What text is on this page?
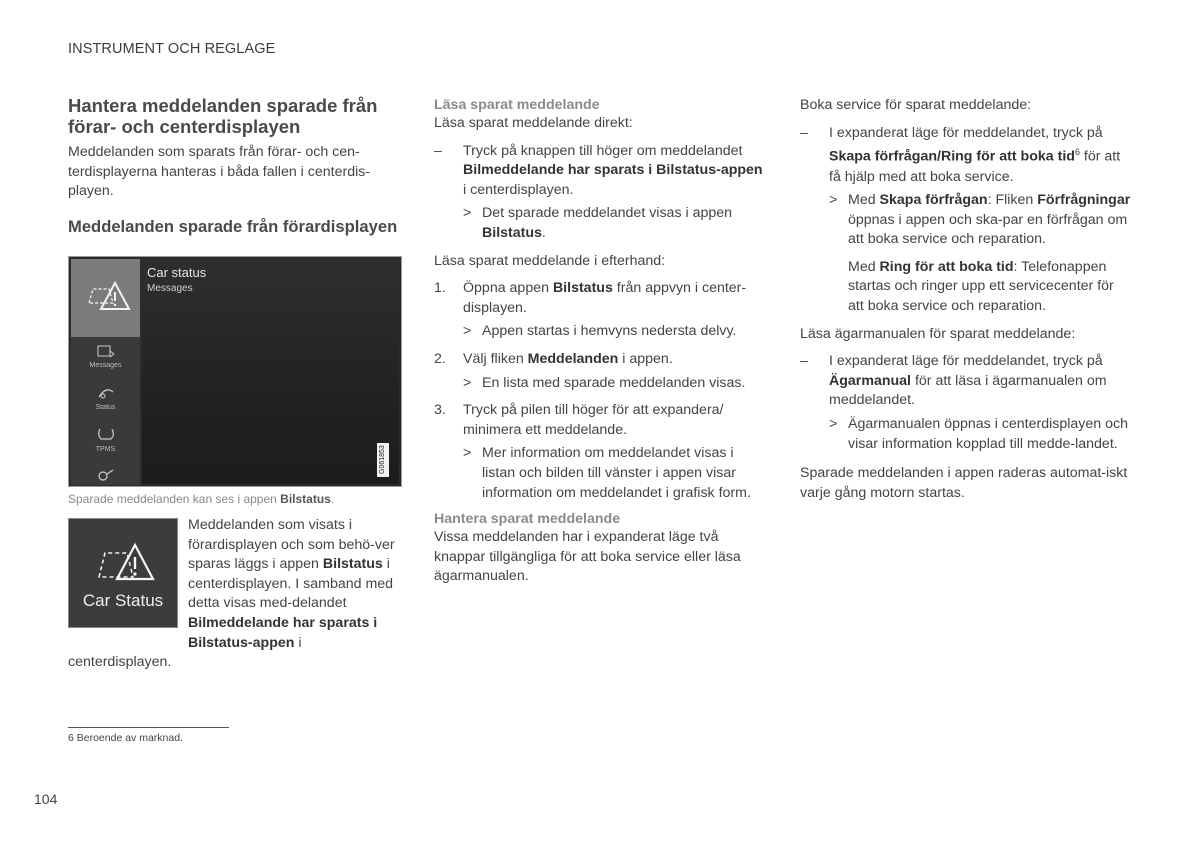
INSTRUMENT OCH REGLAGE
Hantera meddelanden sparade från förar- och centerdisplayen

Meddelanden som sparats från förar- och cen-terdisplayerna hanteras i båda fallen i centerdis-playen.

Meddelanden sparade från förardisplayen
Car status
Messages
Messages
Status
TPMS	G061853
Sparade meddelanden kan ses i appen Bilstatus.
Car Status
Meddelanden som visats i förardisplayen och som behö-ver sparas läggs i appen Bilstatus i centerdisplayen. I samband med detta visas med-delandet Bilmeddelande har sparats i Bilstatus-appen i
centerdisplayen.
Läsa sparat meddelande

Läsa sparat meddelande direkt:

– Tryck på knappen till höger om meddelandet Bilmeddelande har sparats i Bilstatus-appen i centerdisplayen.
> Det sparade meddelandet visas i appen Bilstatus.

Läsa sparat meddelande i efterhand:

1. Öppna appen Bilstatus från appvyn i center-displayen.
> Appen startas i hemvyns nedersta delvy.
2. Välj fliken Meddelanden i appen.
> En lista med sparade meddelanden visas.
3. Tryck på pilen till höger för att expandera/ minimera ett meddelande.
> Mer information om meddelandet visas i listan och bilden till vänster i appen visar information om meddelandet i grafisk form.
Hantera sparat meddelande

Vissa meddelanden har i expanderat läge två knappar tillgängliga för att boka service eller läsa ägarmanualen.

Boka service för sparat meddelande:

– I expanderat läge för meddelandet, tryck på Skapa förfrågan/Ring för att boka tid$^6$ för att få hjälp med att boka service.
> Med Skapa förfrågan: Fliken Förfrågningar öppnas i appen och ska-par en förfrågan om att boka service och reparation.
Med Ring för att boka tid: Telefonappen startas och ringer upp ett servicecenter för att boka service och reparation.

Läsa ägarmanualen för sparat meddelande:

– I expanderat läge för meddelandet, tryck på Ägarmanual för att läsa i ägarmanualen om meddelandet.
> Ägarmanualen öppnas i centerdisplayen och visar information kopplad till medde-landet.

Sparade meddelanden i appen raderas automat-iskt varje gång motorn startas.

6 Beroende av marknad.
104
